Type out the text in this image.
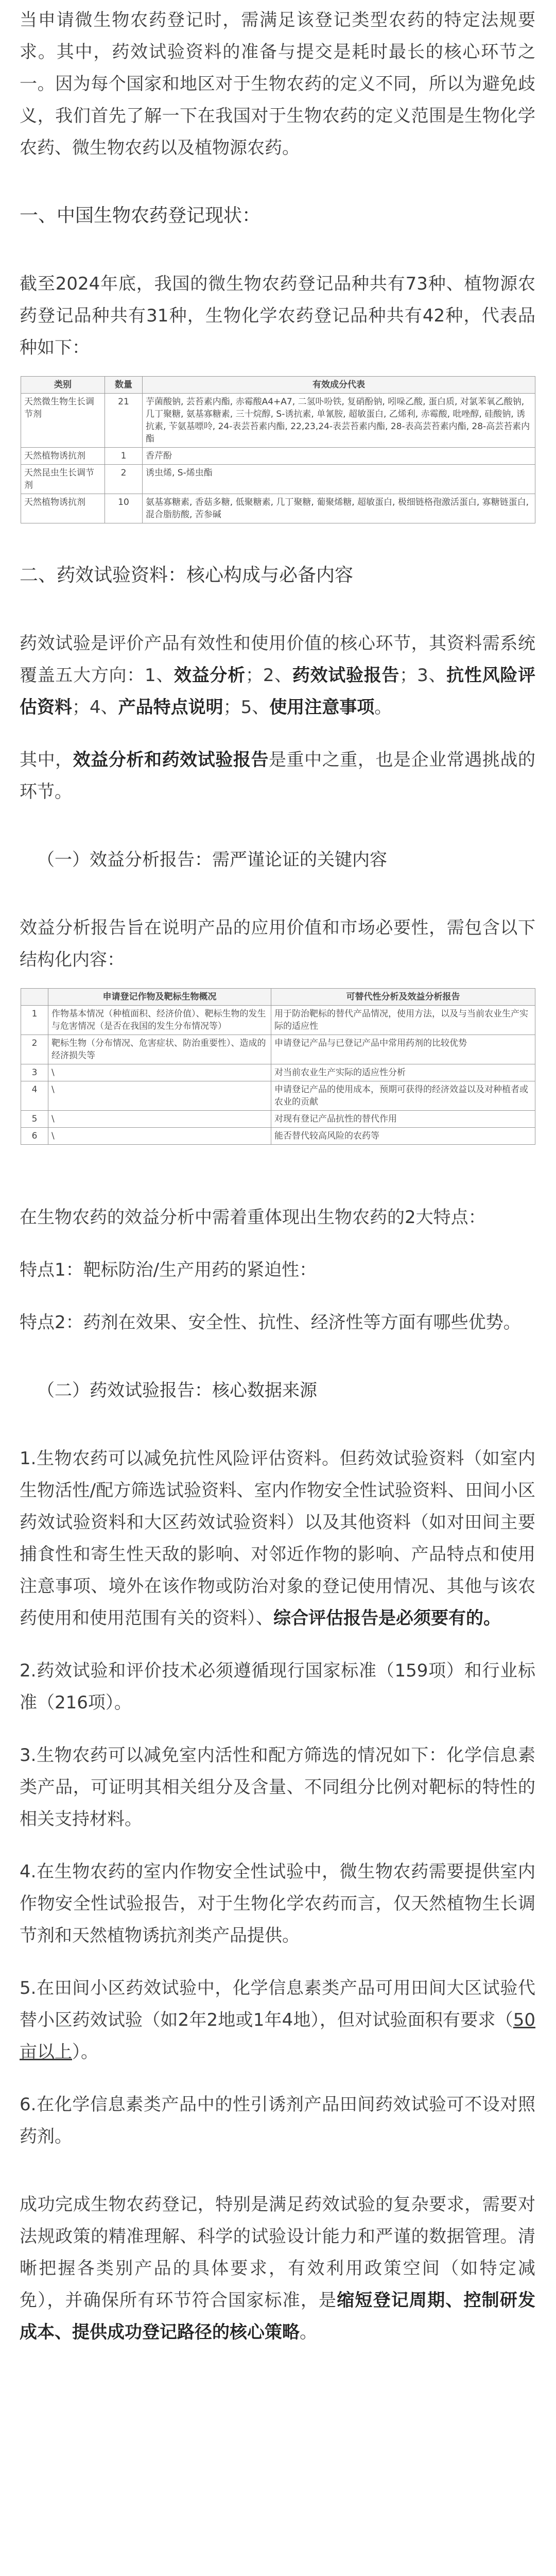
当申请微生物农药登记时，需满足该登记类型农药的特定法规要求。其中，药效试验资料的准备与提交是耗时最长的核心环节之一。因为每个国家和地区对于生物农药的定义不同，所以为避免歧义，我们首先了解一下在我国对于生物农药的定义范围是生物化学农药、微生物农药以及植物源农药。

一、中国生物农药登记现状：

截至2024年底，我国的微生物农药登记品种共有73种、植物源农药登记品种共有31种，生物化学农药登记品种共有42种，代表品种如下：

类别	数量	有效成分代表
天然微生物生长调节剂	21	芋菌酸钠, 芸苔素内酯, 赤霉酸A4+A7, 二氢卟吩铁, 复硝酚钠, 吲哚乙酸, 蛋白质, 对氯苯氧乙酸钠, 几丁聚糖, 氨基寡糖素, 三十烷醇, S-诱抗素, 单氰胺, 超敏蛋白, 乙烯利, 赤霉酸, 吡唑醇, 硅酸钠, 诱抗素, 苄氨基嘌呤, 24-表芸苔素内酯, 22,23,24-表芸苔素内酯, 28-表高芸苔素内酯, 28-高芸苔素内酯
天然植物诱抗剂	1	香芹酚
天然昆虫生长调节剂	2	诱虫烯, S-烯虫酯
天然植物诱抗剂	10	氨基寡糖素, 香菇多糖, 低聚糖素, 几丁聚糖, 葡聚烯糖, 超敏蛋白, 极细链格孢激活蛋白, 寡糖链蛋白, 混合脂肪酸, 苦参碱
二、药效试验资料：核心构成与必备内容

药效试验是评价产品有效性和使用价值的核心环节，其资料需系统覆盖五大方向：1、效益分析；2、药效试验报告；3、抗性风险评估资料；4、产品特点说明；5、使用注意事项。

其中，效益分析和药效试验报告是重中之重，也是企业常遇挑战的环节。

（一）效益分析报告：需严谨论证的关键内容

效益分析报告旨在说明产品的应用价值和市场必要性，需包含以下结构化内容：

	申请登记作物及靶标生物概况	可替代性分析及效益分析报告
1	作物基本情况（种植面积、经济价值）、靶标生物的发生与危害情况（是否在我国的发生分布情况等）	用于防治靶标的替代产品情况，使用方法，以及与当前农业生产实际的适应性
2	靶标生物（分布情况、危害症状、防治重要性）、造成的经济损失等	申请登记产品与已登记产品中常用药剂的比较优势
3	\	对当前农业生产实际的适应性分析
4	\	申请登记产品的使用成本，预期可获得的经济效益以及对种植者或农业的贡献
5	\	对现有登记产品抗性的替代作用
6	\	能否替代较高风险的农药等

在生物农药的效益分析中需着重体现出生物农药的2大特点：

特点1：靶标防治/生产用药的紧迫性：

特点2：药剂在效果、安全性、抗性、经济性等方面有哪些优势。

（二）药效试验报告：核心数据来源

1.生物农药可以减免抗性风险评估资料。但药效试验资料（如室内生物活性/配方筛选试验资料、室内作物安全性试验资料、田间小区药效试验资料和大区药效试验资料）以及其他资料（如对田间主要捕食性和寄生性天敌的影响、对邻近作物的影响、产品特点和使用注意事项、境外在该作物或防治对象的登记使用情况、其他与该农药使用和使用范围有关的资料）、综合评估报告是必须要有的。

2.药效试验和评价技术必须遵循现行国家标准（159项）和行业标准（216项）。

3.生物农药可以减免室内活性和配方筛选的情况如下：化学信息素类产品，可证明其相关组分及含量、不同组分比例对靶标的特性的相关支持材料。

4.在生物农药的室内作物安全性试验中，微生物农药需要提供室内作物安全性试验报告，对于生物化学农药而言，仅天然植物生长调节剂和天然植物诱抗剂类产品提供。

5.在田间小区药效试验中，化学信息素类产品可用田间大区试验代替小区药效试验（如2年2地或1年4地），但对试验面积有要求（50亩以上）。

6.在化学信息素类产品中的性引诱剂产品田间药效试验可不设对照药剂。

成功完成生物农药登记，特别是满足药效试验的复杂要求，需要对法规政策的精准理解、科学的试验设计能力和严谨的数据管理。清晰把握各类别产品的具体要求，有效利用政策空间（如特定减免），并确保所有环节符合国家标准，是缩短登记周期、控制研发成本、提供成功登记路径的核心策略。
